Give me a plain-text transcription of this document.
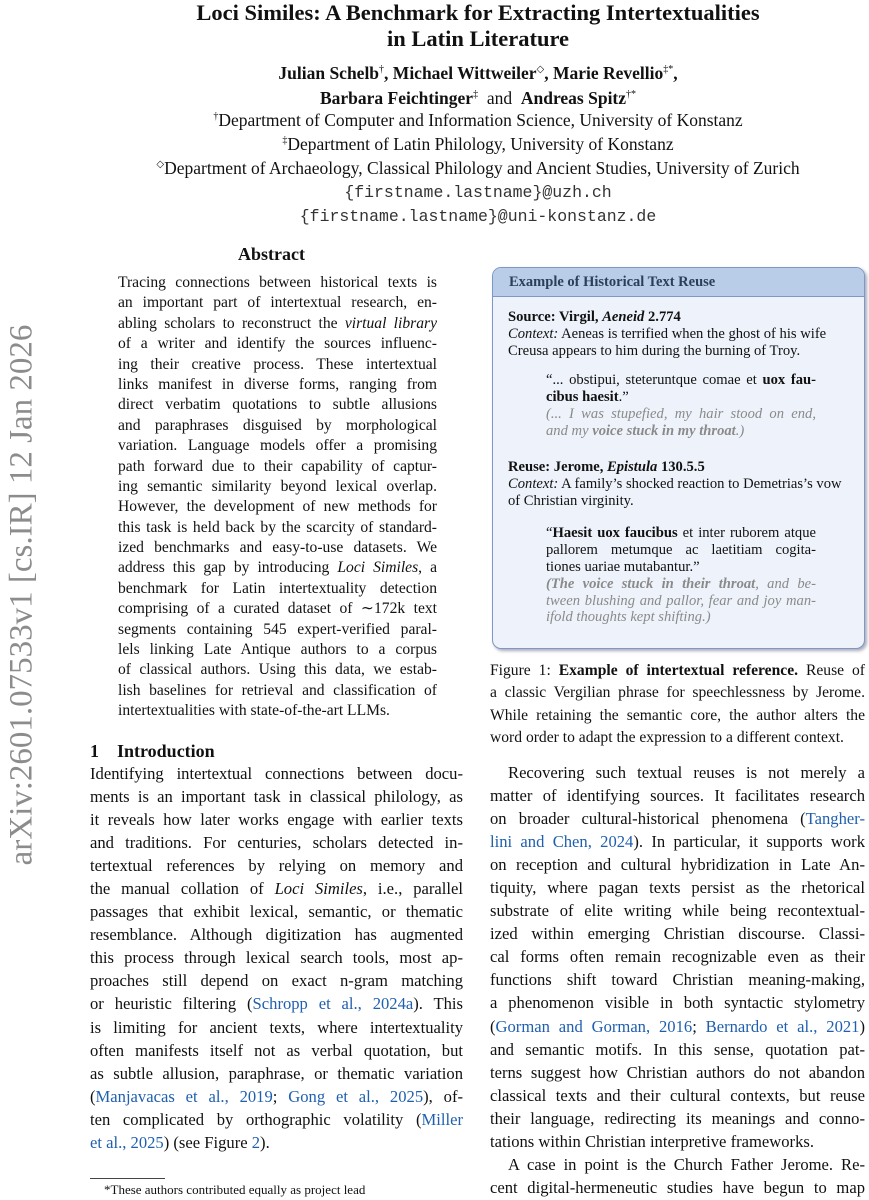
arXiv:2601.07533v1 [cs.IR] 12 Jan 2026
Loci Similes: A Benchmark for Extracting Intertextualities
in Latin Literature
Julian Schelb†, Michael Wittweiler◇, Marie Revellio‡*,
Barbara Feichtinger‡ and Andreas Spitz†*
†Department of Computer and Information Science, University of Konstanz
‡Department of Latin Philology, University of Konstanz
◇Department of Archaeology, Classical Philology and Ancient Studies, University of Zurich
{firstname.lastname}@uzh.ch
{firstname.lastname}@uni-konstanz.de
Abstract
Tracing connections between historical texts is
an important part of intertextual research, en-
abling scholars to reconstruct the virtual library
of a writer and identify the sources influenc-
ing their creative process. These intertextual
links manifest in diverse forms, ranging from
direct verbatim quotations to subtle allusions
and paraphrases disguised by morphological
variation. Language models offer a promising
path forward due to their capability of captur-
ing semantic similarity beyond lexical overlap.
However, the development of new methods for
this task is held back by the scarcity of standard-
ized benchmarks and easy-to-use datasets. We
address this gap by introducing Loci Similes, a
benchmark for Latin intertextuality detection
comprising of a curated dataset of ∼172k text
segments containing 545 expert-verified paral-
lels linking Late Antique authors to a corpus
of classical authors. Using this data, we estab-
lish baselines for retrieval and classification of
intertextualities with state-of-the-art LLMs.
1    Introduction
Identifying intertextual connections between docu-
ments is an important task in classical philology, as
it reveals how later works engage with earlier texts
and traditions. For centuries, scholars detected in-
tertextual references by relying on memory and
the manual collation of Loci Similes, i.e., parallel
passages that exhibit lexical, semantic, or thematic
resemblance. Although digitization has augmented
this process through lexical search tools, most ap-
proaches still depend on exact n-gram matching
or heuristic filtering (Schropp et al., 2024a). This
is limiting for ancient texts, where intertextuality
often manifests itself not as verbal quotation, but
as subtle allusion, paraphrase, or thematic variation
(Manjavacas et al., 2019; Gong et al., 2025), of-
ten complicated by orthographic volatility (Miller
et al., 2025) (see Figure 2).
*These authors contributed equally as project lead
Example of Historical Text Reuse
Source: Virgil, Aeneid 2.774
Context: Aeneas is terrified when the ghost of his wife
Creusa appears to him during the burning of Troy.
“... obstipui, steteruntque comae et uox fau-
cibus haesit.”
(... I was stupefied, my hair stood on end,
and my voice stuck in my throat.)
Reuse: Jerome, Epistula 130.5.5
Context: A family’s shocked reaction to Demetrias’s vow
of Christian virginity.
“Haesit uox faucibus et inter ruborem atque
pallorem metumque ac laetitiam cogita-
tiones uariae mutabantur.”
(The voice stuck in their throat, and be-
tween blushing and pallor, fear and joy man-
ifold thoughts kept shifting.)
Figure 1: Example of intertextual reference. Reuse of
a classic Vergilian phrase for speechlessness by Jerome.
While retaining the semantic core, the author alters the
word order to adapt the expression to a different context.
Recovering such textual reuses is not merely a
matter of identifying sources. It facilitates research
on broader cultural-historical phenomena (Tangher-
lini and Chen, 2024). In particular, it supports work
on reception and cultural hybridization in Late An-
tiquity, where pagan texts persist as the rhetorical
substrate of elite writing while being recontextual-
ized within emerging Christian discourse. Classi-
cal forms often remain recognizable even as their
functions shift toward Christian meaning-making,
a phenomenon visible in both syntactic stylometry
(Gorman and Gorman, 2016; Bernardo et al., 2021)
and semantic motifs. In this sense, quotation pat-
terns suggest how Christian authors do not abandon
classical texts and their cultural contexts, but reuse
their language, redirecting its meanings and conno-
tations within Christian interpretive frameworks.
A case in point is the Church Father Jerome. Re-
cent digital-hermeneutic studies have begun to map
